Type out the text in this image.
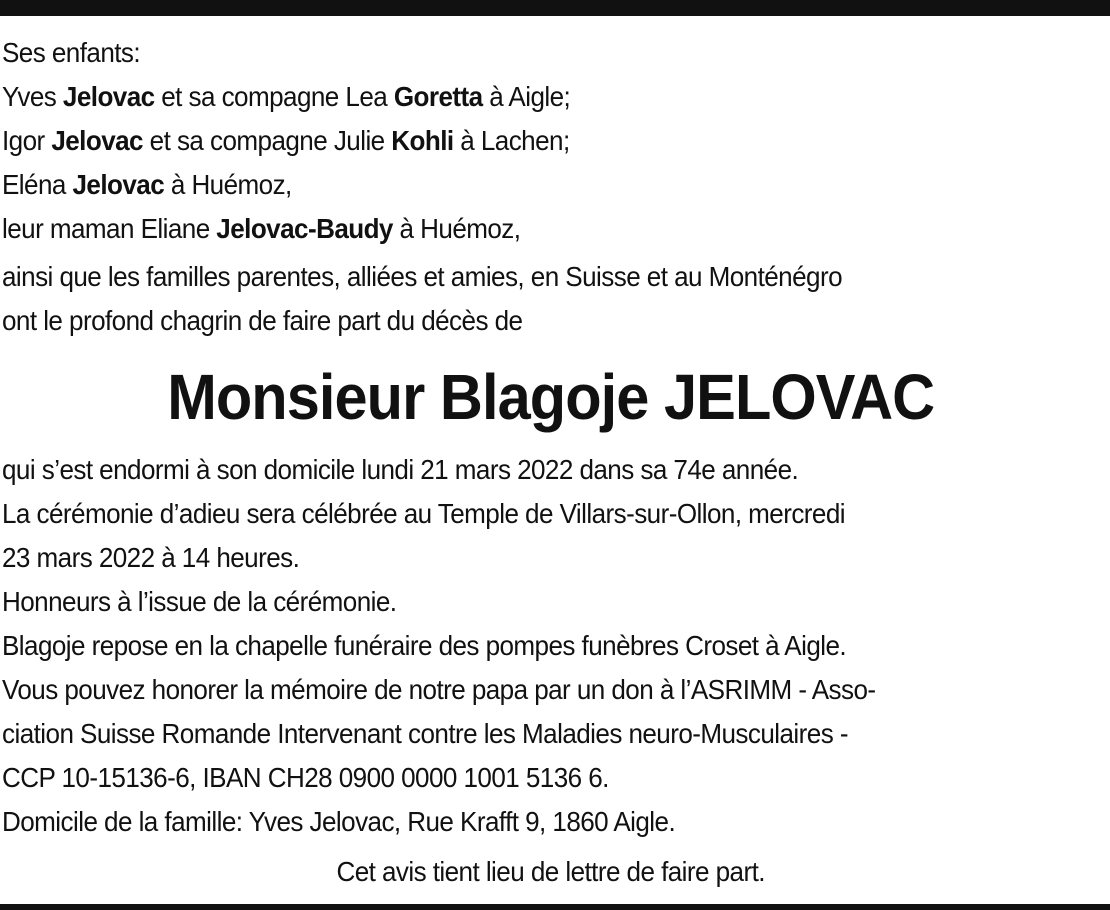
Ses enfants:
Yves Jelovac et sa compagne Lea Goretta à Aigle;
Igor Jelovac et sa compagne Julie Kohli à Lachen;
Eléna Jelovac à Huémoz,
leur maman Eliane Jelovac-Baudy à Huémoz,
ainsi que les familles parentes, alliées et amies, en Suisse et au Monténégro
ont le profond chagrin de faire part du décès de
Monsieur Blagoje JELOVAC
qui s’est endormi à son domicile lundi 21 mars 2022 dans sa 74e année.
La cérémonie d’adieu sera célébrée au Temple de Villars-sur-Ollon, mercredi
23 mars 2022 à 14 heures.
Honneurs à l’issue de la cérémonie.
Blagoje repose en la chapelle funéraire des pompes funèbres Croset à Aigle.
Vous pouvez honorer la mémoire de notre papa par un don à l’ASRIMM - Asso-
ciation Suisse Romande Intervenant contre les Maladies neuro-Musculaires -
CCP 10-15136-6, IBAN CH28 0900 0000 1001 5136 6.
Domicile de la famille: Yves Jelovac, Rue Krafft 9, 1860 Aigle.
Cet avis tient lieu de lettre de faire part.
